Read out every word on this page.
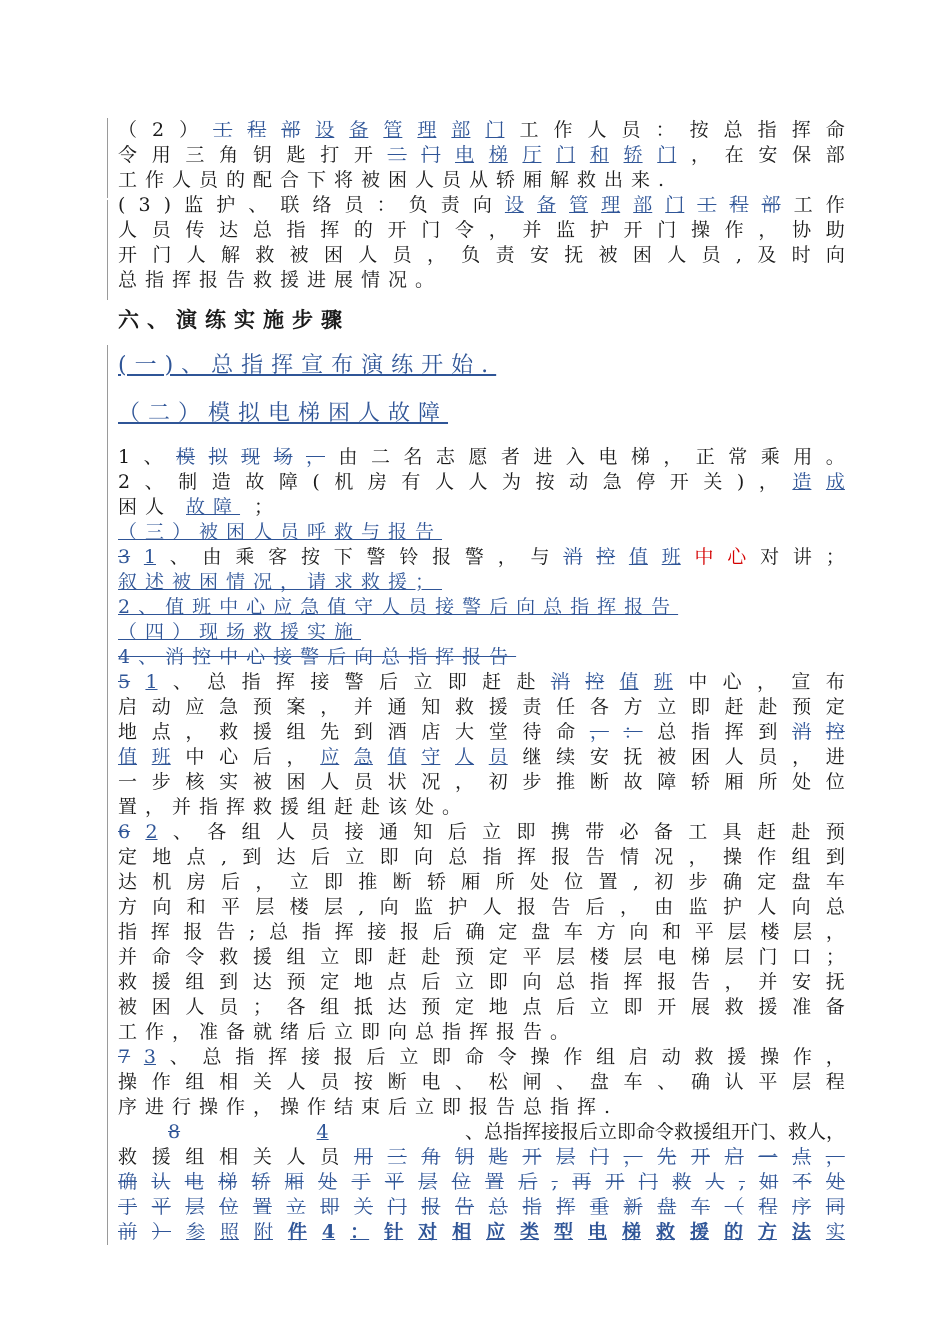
（ 2 ） 工 程 部 设 备 管 理 部 门 工 作 人 员 ： 按 总 指 挥 命
令 用 三 角 钥 匙 打 开 二 门 电 梯 厅 门 和 轿 门 ， 在 安 保 部
工作人员的配合下将被困人员从轿厢解救出来.
( 3 ) 监 护 、 联 络 员 ： 负 责 向 设 备 管 理 部 门 工 程 部 工 作
人 员 传 达 总 指 挥 的 开 门 令 ， 并 监 护 开 门 操 作 ， 协 助
开 门 人 解 救 被 困 人 员 ， 负 责 安 抚 被 困 人 员 , 及 时 向
总指挥报告救援进展情况。
六、演练实施步骤
(一)、总指挥宣布演练开始.
（二）模拟电梯困人故障
1 、 模 拟 现 场 ， 由 二 名 志 愿 者 进 入 电 梯 ， 正 常 乘 用 。
2 、 制 造 故 障 ( 机 房 有 人 人 为 按 动 急 停 开 关 ) ， 造 成
困人 故障 ；
（三）被困人员呼救与报告
3 1 、 由 乘 客 按 下 警 铃 报 警 ， 与 消 控 值 班 中 心 对 讲 ；
叙述被困情况，请求救援；
2、值班中心应急值守人员接警后向总指挥报告
（四）现场救援实施
4、消控中心接警后向总指挥报告
5 1 、 总 指 挥 接 警 后 立 即 赶 赴 消 控 值 班 中 心 ， 宣 布
启 动 应 急 预 案 ， 并 通 知 救 援 责 任 各 方 立 即 赶 赴 预 定
地 点 ， 救 援 组 先 到 酒 店 大 堂 待 命 ， ： 总 指 挥 到 消 控
值 班 中 心 后 ， 应 急 值 守 人 员 继 续 安 抚 被 困 人 员 ， 进
一 步 核 实 被 困 人 员 状 况 ， 初 步 推 断 故 障 轿 厢 所 处 位
置，并指挥救援组赶赴该处。
6 2 、 各 组 人 员 接 通 知 后 立 即 携 带 必 备 工 具 赶 赴 预
定 地 点 , 到 达 后 立 即 向 总 指 挥 报 告 情 况 ， 操 作 组 到
达 机 房 后 ， 立 即 推 断 轿 厢 所 处 位 置 , 初 步 确 定 盘 车
方 向 和 平 层 楼 层 , 向 监 护 人 报 告 后 ， 由 监 护 人 向 总
指 挥 报 告 ; 总 指 挥 接 报 后 确 定 盘 车 方 向 和 平 层 楼 层 ，
并 命 令 救 援 组 立 即 赶 赴 预 定 平 层 楼 层 电 梯 层 门 口 ；
救 援 组 到 达 预 定 地 点 后 立 即 向 总 指 挥 报 告 ， 并 安 抚
被 困 人 员 ； 各 组 抵 达 预 定 地 点 后 立 即 开 展 救 援 准 备
工作，准备就绪后立即向总指挥报告。
7 3 、 总 指 挥 接 报 后 立 即 命 令 操 作 组 启 动 救 援 操 作 ，
操 作 组 相 关 人 员 按 断 电 、 松 闸 、 盘 车 、 确 认 平 层 程
序进行操作，操作结束后立即报告总指挥.
8	4	、总指挥接报后立即命令救援组开门、救人，
救 援 组 相 关 人 员 用 三 角 钥 匙 开 层 门 ， 先 开 启 一 点 ，
确 认 电 梯 轿 厢 处 于 平 层 位 置 后 , 再 开 门 救 人 , 如 不 处
于 平 层 位 置 立 即 关 门 报 告 总 指 挥 重 新 盘 车 （ 程 序 同
前 ） 参 照 附 件 4 ： 针 对 相 应 类 型 电 梯 救 援 的 方 法 实
